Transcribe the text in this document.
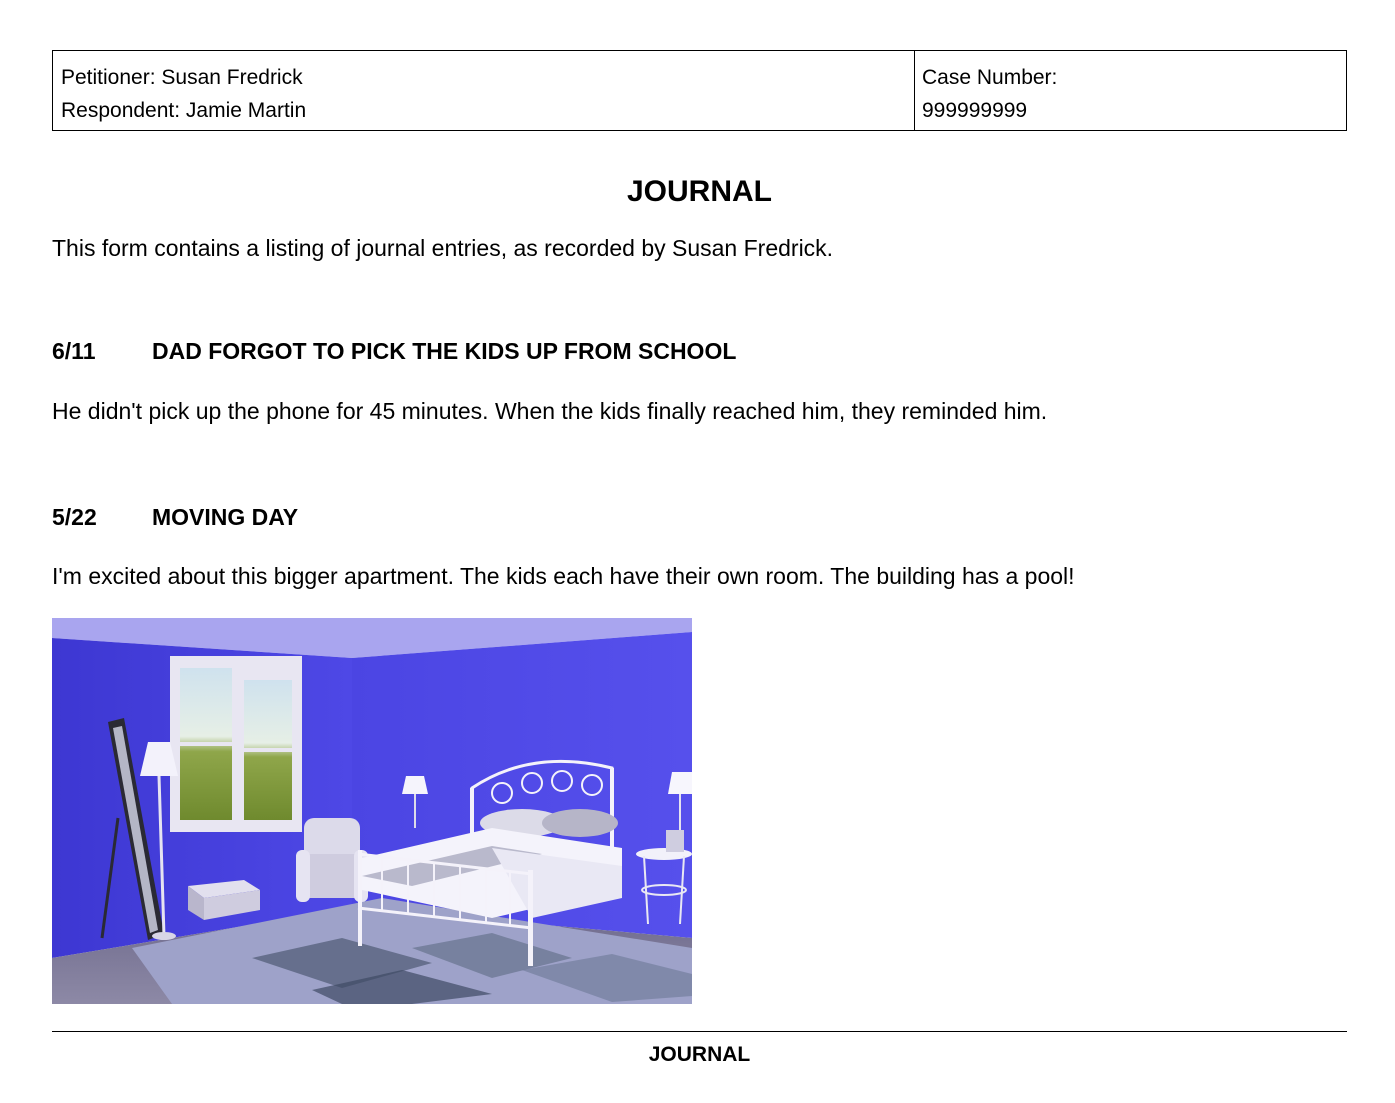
Petitioner: Susan Fredrick
Respondent: Jamie Martin
Case Number:
999999999
JOURNAL
This form contains a listing of journal entries, as recorded by Susan Fredrick.
6/11 DAD FORGOT TO PICK THE KIDS UP FROM SCHOOL
He didn't pick up the phone for 45 minutes. When the kids finally reached him, they reminded him.
5/22 MOVING DAY
I'm excited about this bigger apartment. The kids each have their own room. The building has a pool!
JOURNAL
